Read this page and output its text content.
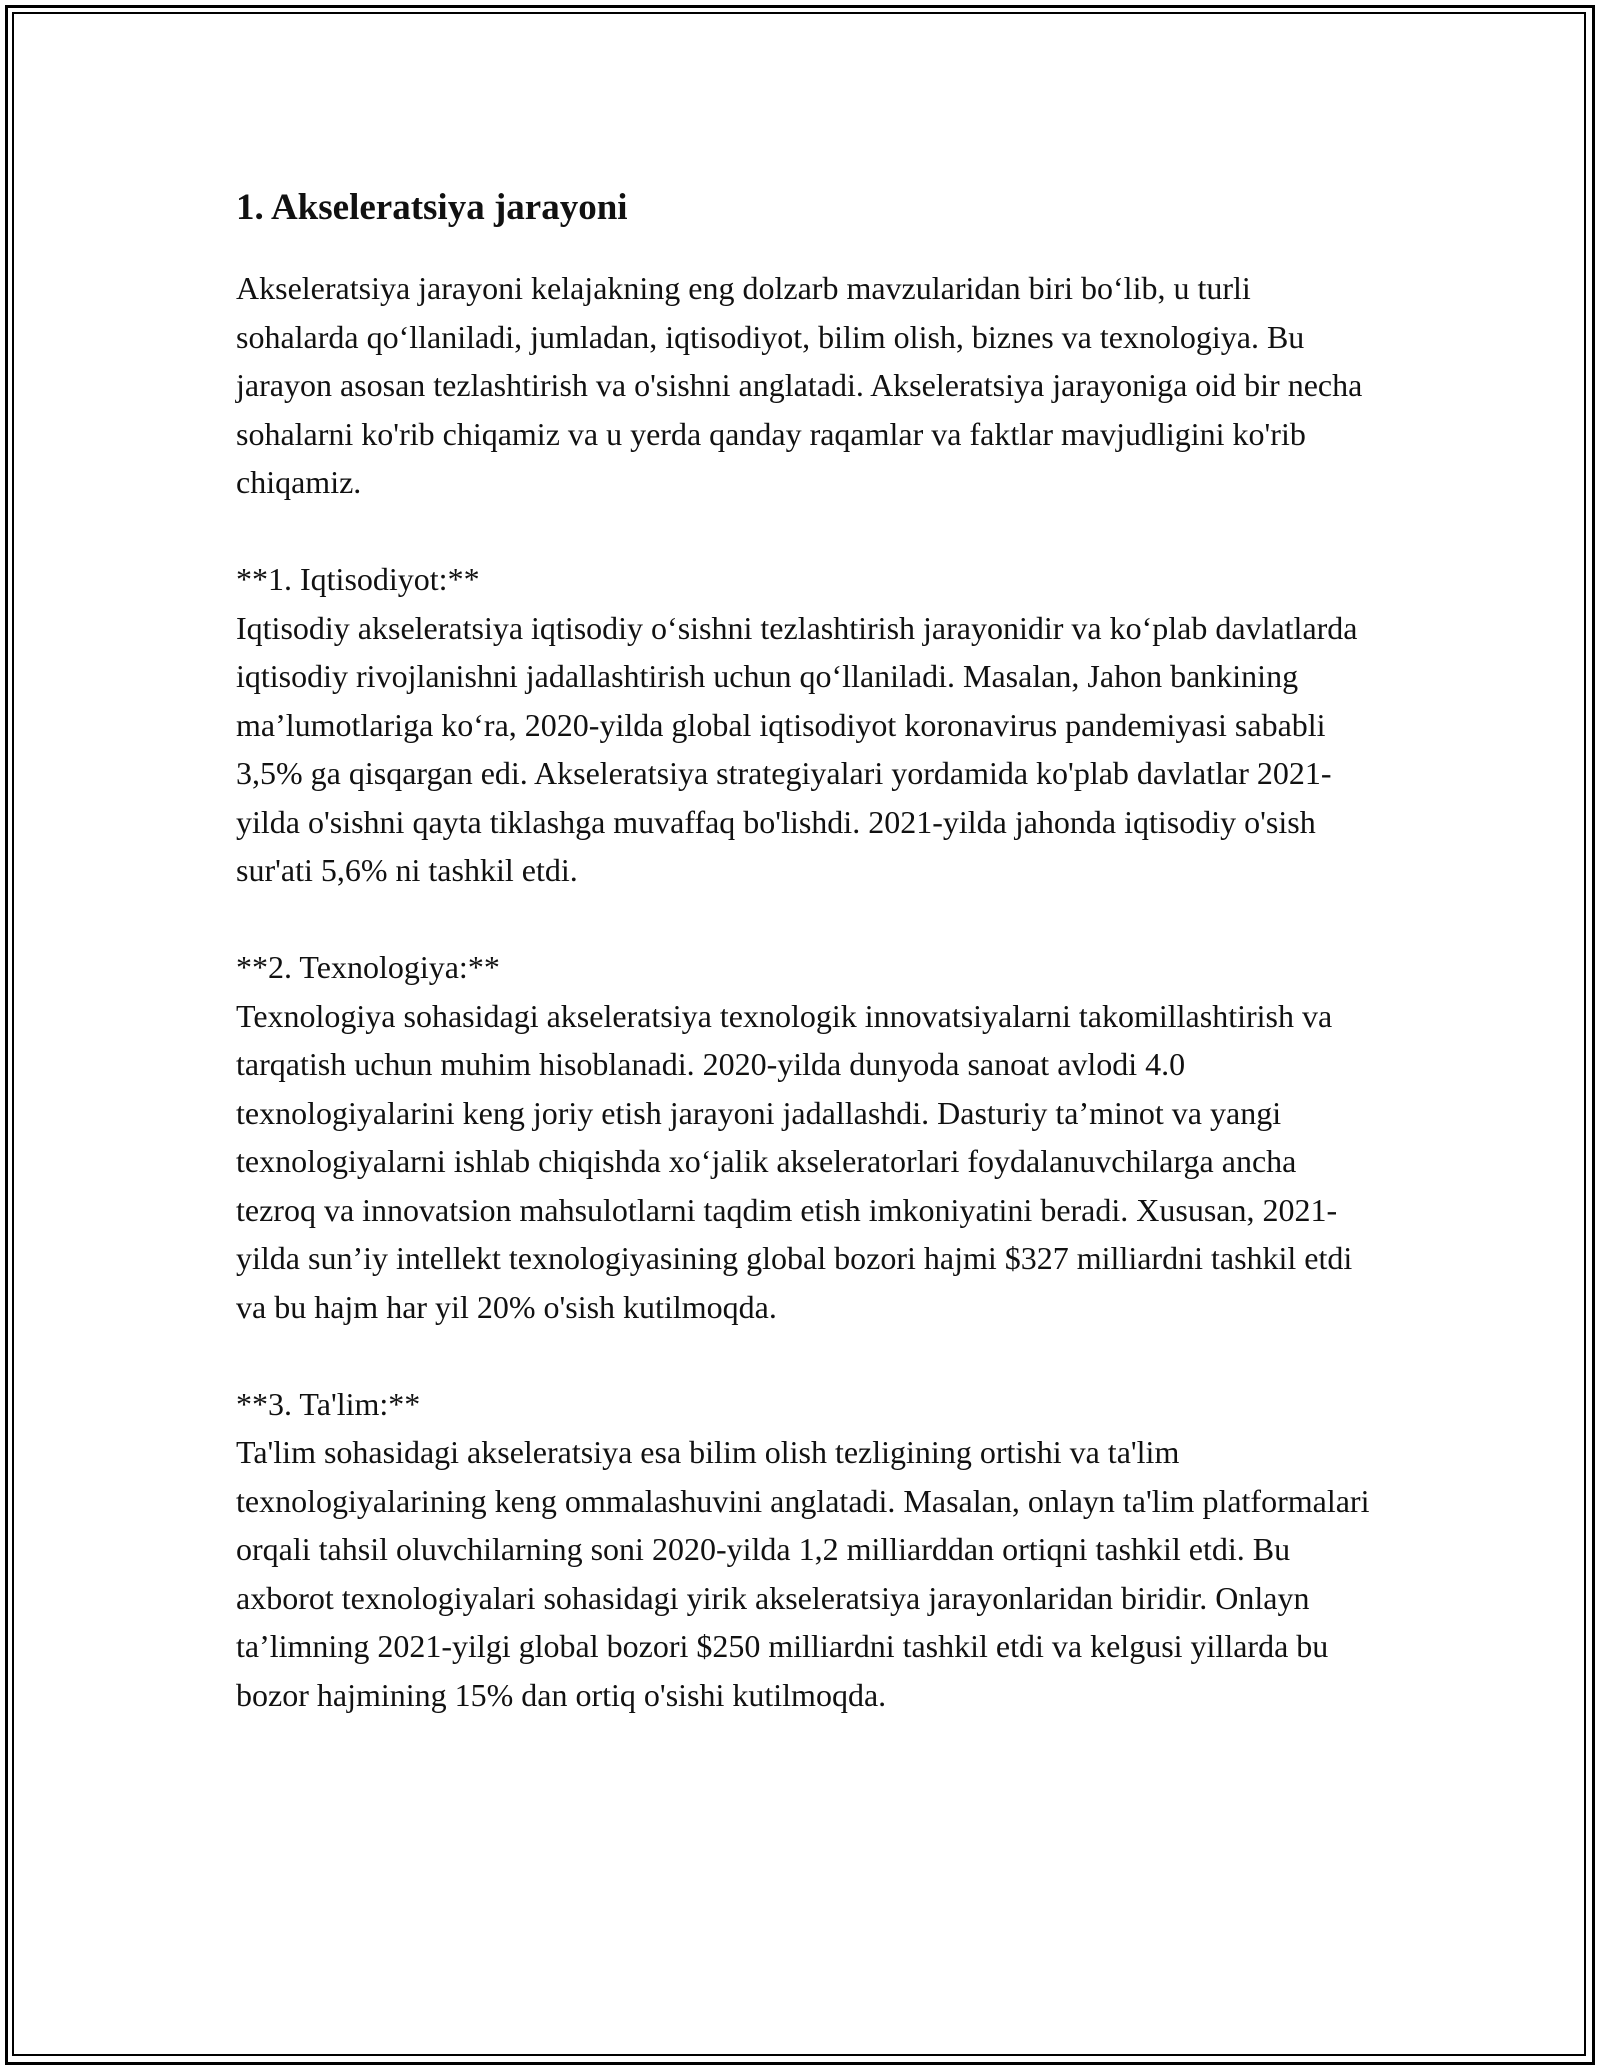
1. Akseleratsiya jarayoni

Akseleratsiya jarayoni kelajakning eng dolzarb mavzularidan biri boʻlib, u turli sohalarda qoʻllaniladi, jumladan, iqtisodiyot, bilim olish, biznes va texnologiya. Bu jarayon asosan tezlashtirish va o'sishni anglatadi. Akseleratsiya jarayoniga oid bir necha sohalarni ko'rib chiqamiz va u yerda qanday raqamlar va faktlar mavjudligini ko'rib chiqamiz.

**1. Iqtisodiyot:**

Iqtisodiy akseleratsiya iqtisodiy oʻsishni tezlashtirish jarayonidir va koʻplab davlatlarda iqtisodiy rivojlanishni jadallashtirish uchun qoʻllaniladi. Masalan, Jahon bankining maʼlumotlariga koʻra, 2020-yilda global iqtisodiyot koronavirus pandemiyasi sababli 3,5% ga qisqargan edi. Akseleratsiya strategiyalari yordamida ko'plab davlatlar 2021-yilda o'sishni qayta tiklashga muvaffaq bo'lishdi. 2021-yilda jahonda iqtisodiy o'sish sur'ati 5,6% ni tashkil etdi.

**2. Texnologiya:**

Texnologiya sohasidagi akseleratsiya texnologik innovatsiyalarni takomillashtirish va tarqatish uchun muhim hisoblanadi. 2020-yilda dunyoda sanoat avlodi 4.0 texnologiyalarini keng joriy etish jarayoni jadallashdi. Dasturiy taʼminot va yangi texnologiyalarni ishlab chiqishda xoʻjalik akseleratorlari foydalanuvchilarga ancha tezroq va innovatsion mahsulotlarni taqdim etish imkoniyatini beradi. Xususan, 2021-yilda sunʼiy intellekt texnologiyasining global bozori hajmi $327 milliardni tashkil etdi va bu hajm har yil 20% o'sish kutilmoqda.

**3. Ta'lim:**

Ta'lim sohasidagi akseleratsiya esa bilim olish tezligining ortishi va ta'lim texnologiyalarining keng ommalashuvini anglatadi. Masalan, onlayn ta'lim platformalari orqali tahsil oluvchilarning soni 2020-yilda 1,2 milliarddan ortiqni tashkil etdi. Bu axborot texnologiyalari sohasidagi yirik akseleratsiya jarayonlaridan biridir. Onlayn taʼlimning 2021-yilgi global bozori $250 milliardni tashkil etdi va kelgusi yillarda bu bozor hajmining 15% dan ortiq o'sishi kutilmoqda.
